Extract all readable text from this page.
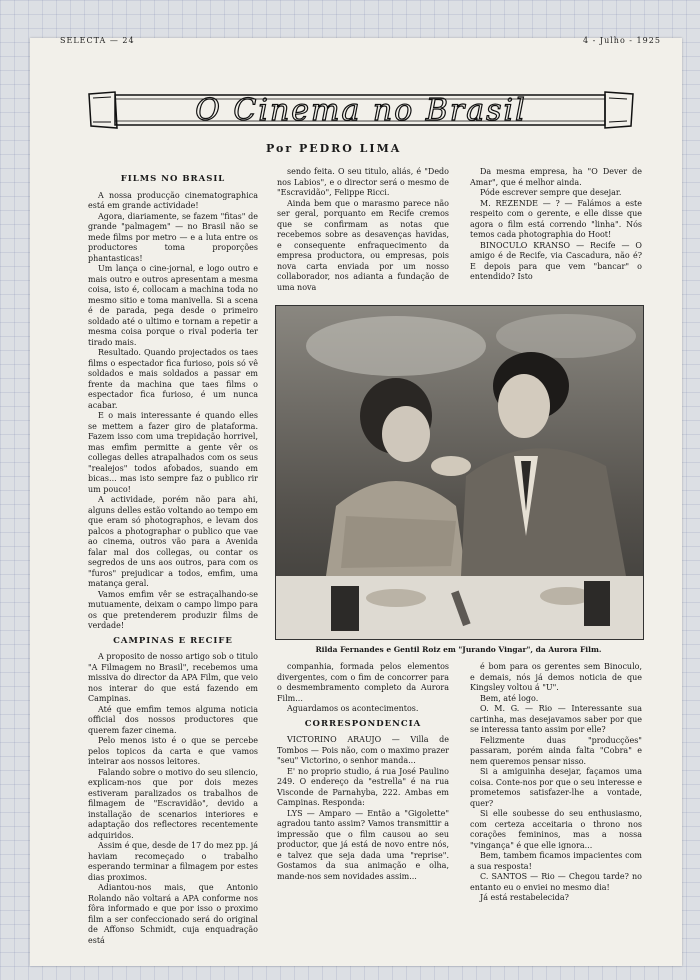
SELECTA — 24	4 - Julho - 1925
O Cinema no Brasil
Por PEDRO LIMA
FILMS NO BRASIL

A nossa producção cinematographica está em grande actividade!

Agora, diariamente, se fazem "fitas" de grande "palmagem" — no Brasil não se mede films por metro — e a luta entre os productores toma proporções phantasticas!

Um lança o cine-jornal, e logo outro e mais outro e outros apresentam a mesma coisa, isto é, collocam a machina toda no mesmo sitio e toma manivella. Si a scena é de parada, pega desde o primeiro soldado até o ultimo e tornam a repetir a mesma coisa porque o rival poderia ter tirado mais.

Resultado. Quando projectados os taes films o espectador fica furioso, pois só vê soldados e mais soldados a passar em frente da machina que taes films o espectador fica furioso, é um nunca acabar.

E o mais interessante é quando elles se mettem a fazer giro de plataforma. Fazem isso com uma trepidação horrivel, mas emfim permitte a gente vêr os collegas delles atrapalhados com os seus "realejos" todos afobados, suando em bicas... mas isto sempre faz o publico rir um pouco!

A actividade, porém não para ahi, alguns delles estão voltando ao tempo em que eram só photographos, e levam dos palcos a photographar o publico que vae ao cinema, outros vão para a Avenida falar mal dos collegas, ou contar os segredos de uns aos outros, para com os "furos" prejudicar a todos, emfim, uma matança geral.

Vamos emfim vêr se estraçalhando-se mutuamente, deixam o campo limpo para os que pretenderem produzir films de verdade!

CAMPINAS E RECIFE

A proposito de nosso artigo sob o titulo "A Filmagem no Brasil", recebemos uma missiva do director da APA Film, que veio nos interar do que está fazendo em Campinas.

Até que emfim temos alguma noticia official dos nossos productores que querem fazer cinema.

Pelo menos isto é o que se percebe pelos topicos da carta e que vamos inteirar aos nossos leitores.

Falando sobre o motivo do seu silencio, explicam-nos que por dois mezes estiveram paralizados os trabalhos de filmagem de "Escravidão", devido a installação de scenarios interiores e adaptação dos reflectores recentemente adquiridos.

Assim é que, desde de 17 do mez pp. já haviam recomeçado o trabalho esperando terminar a filmagem por estes dias proximos.

Adiantou-nos mais, que Antonio Rolando não voltará a APA conforme nos fôra informado e que por isso o proximo film a ser confeccionado será do original de Affonso Schmidt, cuja enquadração está

sendo feita. O seu titulo, aliás, é "Dedo nos Labios", e o director será o mesmo de "Escravidão", Felippe Ricci.

Ainda bem que o marasmo parece não ser geral, porquanto em Recife cremos que se confirmam as notas que recebemos sobre as desavenças havidas, e consequente enfraquecimento da empresa productora, ou empresas, pois nova carta enviada por um nosso collaborador, nos adianta a fundação de uma nova

Da mesma empresa, ha "O Dever de Amar", que é melhor ainda.

Póde escrever sempre que desejar.

M. REZENDE — ? — Falámos a este respeito com o gerente, e elle disse que agora o film está correndo "linha". Nós temos cada photographia do Hoot!

BINOCULO KRANSO — Recife — O amigo é de Recife, via Cascadura, não é? E depois para que vem "bancar" o entendido? Isto

Rilda Fernandes e Gentil Roiz em "Jurando Vingar", da Aurora Film.

companhia, formada pelos elementos divergentes, com o fim de concorrer para o desmembramento completo da Aurora Film...

Aguardamos os acontecimentos.

CORRESPONDENCIA

VICTORINO ARAUJO — Villa de Tombos — Pois não, com o maximo prazer "seu" Victorino, o senhor manda...

E' no proprio studio, á rua José Paulino 249. O endereço da "estrella" é na rua Visconde de Parnahyba, 222. Ambas em Campinas. Responda:

LYS — Amparo — Então a "Gigolette" agradou tanto assim? Vamos transmittir a impressão que o film causou ao seu productor, que já está de novo entre nós, e talvez que seja dada uma "reprise". Gostamos da sua animação e olha, mande-nos sem novidades assim...

é bom para os gerentes sem Binoculo, e demais, nós já demos noticia de que Kingsley voltou á "U".

Bem, até logo.

O. M. G. — Rio — Interessante sua cartinha, mas desejavamos saber por que se interessa tanto assim por elle?

Felizmente duas "producções" passaram, porém ainda falta "Cobra" e nem queremos pensar nisso.

Si a amiguinha desejar, façamos uma coisa. Conte-nos por que o seu interesse e prometemos satisfazer-lhe a vontade, quer?

Si elle soubesse do seu enthusiasmo, com certeza acceitaria o throno nos corações femininos, mas a nossa "vingança" é que elle ignora...

Bem, tambem ficamos impacientes com a sua resposta!

C. SANTOS — Rio — Chegou tarde? no entanto eu o enviei no mesmo dia!

Já está restabelecida?
